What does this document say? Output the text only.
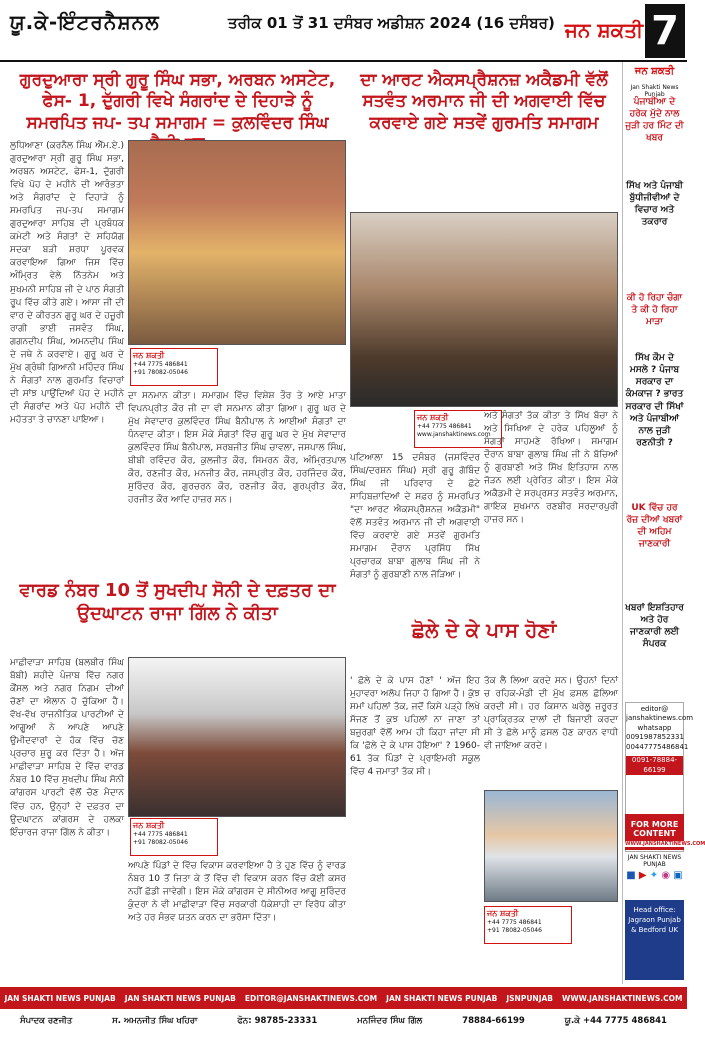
ਯੂ.ਕੇ-ਇੰਟਰਨੈਸ਼ਨਲ	ਤਰੀਕ 01 ਤੋਂ 31 ਦਸੰਬਰ ਅਡੀਸ਼ਨ 2024 (16 ਦਸੰਬਰ) ਜਨ ਸ਼ਕਤੀ 7
ਗੁਰਦੁਆਰਾ ਸ੍ਰੀ ਗੁਰੂ ਸਿੰਘ ਸਭਾ, ਅਰਬਨ ਅਸਟੇਟ, ਫੇਸ- 1, ਦੁੱਗਰੀ ਵਿਖੇ ਸੰਗਰਾਂਦ ਦੇ ਦਿਹਾੜੇ ਨੂੰ ਸਮਰਪਿਤ ਜਪ- ਤਪ ਸਮਾਗਮ = ਕੁਲਵਿੰਦਰ ਸਿੰਘ
ਲੁਧਿਆਣਾ (ਕਰਨੈਲ ਸਿੰਘ ਐੱਮ.ਏ.) ਗੁਰਦੁਆਰਾ ਸ੍ਰੀ ਗੁਰੂ ਸਿੰਘ ਸਭਾ, ਅਰਬਨ ਅਸਟੇਟ, ਫੇਸ-1, ਦੁੱਗਰੀ ਵਿਖੇ ਪੋਹ ਦੇ ਮਹੀਨੇ ਦੀ ਆਰੰਭਤਾ ਅਤੇ ਸੰਗਰਾਂਦ ਦੇ ਦਿਹਾੜੇ ਨੂੰ ਸਮਰਪਿਤ ਜਪ-ਤਪ ਸਮਾਗਮ ਗੁਰਦੁਆਰਾ ਸਾਹਿਬ ਦੀ ਪ੍ਰਬੰਧਕ ਕਮੇਟੀ ਅਤੇ ਸੰਗਤਾਂ ਦੇ ਸਹਿਯੋਗ ਸਦਕਾ ਬੜੀ ਸ਼ਰਧਾ ਪੂਰਵਕ ਕਰਵਾਇਆ ਗਿਆ ਜਿਸ ਵਿੱਚ ਅੰਮ੍ਰਿਤ ਵੇਲੇ ਨਿੱਤਨੇਮ ਅਤੇ ਸੁਖਮਨੀ ਸਾਹਿਬ ਜੀ ਦੇ ਪਾਠ ਸੰਗਤੀ ਰੂਪ ਵਿੱਚ ਕੀਤੇ ਗਏ। ਆਸਾ ਜੀ ਦੀ ਵਾਰ ਦੇ ਕੀਰਤਨ ਗੁਰੂ ਘਰ ਦੇ ਹਜ਼ੂਰੀ ਰਾਗੀ ਭਾਈ ਜਸਵੰਤ ਸਿੰਘ, ਗਗਨਦੀਪ ਸਿੰਘ, ਅਮਨਦੀਪ ਸਿੰਘ ਦੇ ਜਥੇ ਨੇ ਕਰਵਾਏ। ਗੁਰੂ ਘਰ ਦੇ ਮੁੱਖ ਗ੍ਰੰਥੀ ਗਿਆਨੀ ਮਹਿੰਦਰ ਸਿੰਘ ਨੇ ਸੰਗਤਾਂ ਨਾਲ ਗੁਰਮਤਿ ਵਿਚਾਰਾਂ ਦੀ ਸਾਂਝ ਪਾਉਂਦਿਆਂ ਪੋਹ ਦੇ ਮਹੀਨੇ ਦੀ ਸੰਗਰਾਂਦ ਅਤੇ ਪੋਹ ਮਹੀਨੇ ਦੀ ਮਹੱਤਤਾ ਤੇ ਚਾਨਣਾ ਪਾਇਆ।
ਜਨ ਸ਼ਕਤੀ
+44 7775 486841
+91 78082-05046
ਦਾ ਸਨਮਾਨ ਕੀਤਾ। ਸਮਾਗਮ ਵਿੱਚ ਵਿਸ਼ੇਸ਼ ਤੌਰ ਤੇ ਆਏ ਮਾਤਾ ਵਿਪਨਪ੍ਰੀਤ ਕੌਰ ਜੀ ਦਾ ਵੀ ਸਨਮਾਨ ਕੀਤਾ ਗਿਆ। ਗੁਰੂ ਘਰ ਦੇ ਮੁੱਖ ਸੇਵਾਦਾਰ ਕੁਲਵਿੰਦਰ ਸਿੰਘ ਬੈਨੀਪਾਲ ਨੇ ਆਈਆਂ ਸੰਗਤਾਂ ਦਾ ਧੰਨਵਾਦ ਕੀਤਾ। ਇਸ ਮੌਕੇ ਸੰਗਤਾਂ ਵਿੱਚ ਗੁਰੂ ਘਰ ਦੇ ਮੁੱਖ ਸੇਵਾਦਾਰ ਕੁਲਵਿੰਦਰ ਸਿੰਘ ਬੈਨੀਪਾਲ, ਸਰਬਜੀਤ ਸਿੰਘ ਚਾਵਲਾ, ਜਸਪਾਲ ਸਿੰਘ, ਬੀਬੀ ਰਵਿੰਦਰ ਕੌਰ, ਕੁਲਜੀਤ ਕੌਰ, ਸਿਮਰਨ ਕੌਰ, ਅੰਮ੍ਰਿਤਪਾਲ ਕੌਰ, ਰਣਜੀਤ ਕੌਰ, ਮਨਜੀਤ ਕੌਰ, ਜਸਪ੍ਰੀਤ ਕੌਰ, ਹਰਜਿੰਦਰ ਕੌਰ, ਸੁਰਿੰਦਰ ਕੌਰ, ਗੁਰਚਰਨ ਕੌਰ, ਰਣਜੀਤ ਕੌਰ, ਗੁਰਪ੍ਰੀਤ ਕੌਰ, ਹਰਜੀਤ ਕੌਰ ਆਦਿ ਹਾਜ਼ਰ ਸਨ।
ਦਾ ਆਰਟ ਐਕਸਪ੍ਰੈਸ਼ਨਜ਼ ਅਕੈਡਮੀ ਵੱਲੋਂ ਸਤਵੰਤ ਅਰਮਾਨ ਜੀ ਦੀ ਅਗਵਾਈ ਵਿੱਚ ਕਰਵਾਏ ਗਏ ਸਤਵੇਂ ਗੁਰਮਤਿ ਸਮਾਗਮ
ਜਨ ਸ਼ਕਤੀ
+44 7775 486841
www.janshaktinews.com
ਪਟਿਆਲਾ 15 ਦਸੰਬਰ (ਜਸਵਿੰਦਰ ਸਿੰਘ/ਦਰਸ਼ਨ ਸਿੰਘ) ਸ੍ਰੀ ਗੁਰੂ ਗੋਬਿੰਦ ਸਿੰਘ ਜੀ ਪਰਿਵਾਰ ਦੇ ਛੋਟੇ ਸਾਹਿਬਜ਼ਾਦਿਆਂ ਦੇ ਸਫ਼ਰ ਨੂੰ ਸਮਰਪਿਤ "ਦਾ ਆਰਟ ਐਕਸਪ੍ਰੈਸ਼ਨਜ਼ ਅਕੈਡਮੀ" ਵੱਲੋਂ ਸਤਵੰਤ ਅਰਮਾਨ ਜੀ ਦੀ ਅਗਵਾਈ ਵਿੱਚ ਕਰਵਾਏ ਗਏ ਸਤਵੇਂ ਗੁਰਮਤਿ ਸਮਾਗਮ ਦੌਰਾਨ ਪ੍ਰਸਿੱਧ ਸਿੱਖ ਪ੍ਰਚਾਰਕ ਬਾਬਾ ਗੁਲਾਬ ਸਿੰਘ ਜੀ ਨੇ ਸੰਗਤਾਂ ਨੂੰ ਗੁਰਬਾਣੀ ਨਾਲ ਜੋੜਿਆ।
ਅਤੇ ਸੰਗਤਾਂ ਤੱਕ ਕੀਤਾ ਤੇ ਸਿੱਖ ਬੱਚਾ ਨੇ ਅਤੇ ਸਿਖਿਆ ਦੇ ਹਰੇਕ ਪਹਿਲੂਆਂ ਨੂੰ ਸੰਗਤਾਂ ਸਾਹਮਣੇ ਰੱਖਿਆ। ਸਮਾਗਮ ਦੌਰਾਨ ਬਾਬਾ ਗੁਲਾਬ ਸਿੰਘ ਜੀ ਨੇ ਬੱਚਿਆਂ ਨੂੰ ਗੁਰਬਾਣੀ ਅਤੇ ਸਿੱਖ ਇਤਿਹਾਸ ਨਾਲ ਜੋੜਨ ਲਈ ਪ੍ਰੇਰਿਤ ਕੀਤਾ। ਇਸ ਮੌਕੇ ਅਕੈਡਮੀ ਦੇ ਸਰਪ੍ਰਸਤ ਸਤਵੰਤ ਅਰਮਾਨ, ਗਾਇਕ ਸੁਖਮਾਨ ਰਣਬੀਰ ਸਰਦਾਰਪੁਰੀ ਹਾਜ਼ਰ ਸਨ।
ਵਾਰਡ ਨੰਬਰ 10 ਤੋਂ ਸੁਖਦੀਪ ਸੋਨੀ ਦੇ ਦਫ਼ਤਰ ਦਾ ਉਦਘਾਟਨ ਰਾਜਾ ਗਿੱਲ ਨੇ ਕੀਤਾ
ਮਾਛੀਵਾੜਾ ਸਾਹਿਬ (ਬਲਬੀਰ ਸਿੰਘ ਬੱਬੀ) ਸ਼ਹੀਦੇ ਪੰਜਾਬ ਵਿੱਚ ਨਗਰ ਕੌਂਸਲ ਅਤੇ ਨਗਰ ਨਿਗਮ ਦੀਆਂ ਚੋਣਾਂ ਦਾ ਐਲਾਨ ਹੋ ਚੁੱਕਿਆ ਹੈ। ਵੱਖ-ਵੱਖ ਰਾਜਨੀਤਿਕ ਪਾਰਟੀਆਂ ਦੇ ਆਗੂਆਂ ਨੇ ਆਪਣੇ ਆਪਣੇ ਉਮੀਦਵਾਰਾਂ ਦੇ ਹੱਕ ਵਿੱਚ ਚੋਣ ਪ੍ਰਚਾਰ ਸ਼ੁਰੂ ਕਰ ਦਿੱਤਾ ਹੈ। ਅੱਜ ਮਾਛੀਵਾੜਾ ਸਾਹਿਬ ਦੇ ਵਿੱਚ ਵਾਰਡ ਨੰਬਰ 10 ਵਿੱਚ ਸੁਖਦੀਪ ਸਿੰਘ ਸੋਨੀ ਕਾਂਗਰਸ ਪਾਰਟੀ ਵੱਲੋਂ ਚੋਣ ਮੈਦਾਨ ਵਿੱਚ ਹਨ, ਉਨ੍ਹਾਂ ਦੇ ਦਫ਼ਤਰ ਦਾ ਉਦਘਾਟਨ ਕਾਂਗਰਸ ਦੇ ਹਲਕਾ ਇੰਚਾਰਜ ਰਾਜਾ ਗਿੱਲ ਨੇ ਕੀਤਾ।
ਜਨ ਸ਼ਕਤੀ
+44 7775 486841
+91 78082-05046
ਆਪਣੇ ਪਿੰਡਾਂ ਦੇ ਵਿੱਚ ਵਿਕਾਸ ਕਰਵਾਇਆ ਹੈ ਤੇ ਹੁਣ ਵਿੱਚ ਨੂੰ ਵਾਰਡ ਨੰਬਰ 10 ਤੋਂ ਜਿਤਾ ਕੇ ਤੋਂ ਵਿੱਚ ਵੀ ਵਿਕਾਸ ਕਰਨ ਵਿੱਚ ਕੋਈ ਕਸਰ ਨਹੀਂ ਛੱਡੀ ਜਾਵੇਗੀ। ਇਸ ਮੌਕੇ ਕਾਂਗਰਸ ਦੇ ਸੀਨੀਅਰ ਆਗੂ ਸੁਰਿੰਦਰ ਕੁੰਦਰਾ ਨੇ ਵੀ ਮਾਛੀਵਾੜਾ ਵਿੱਚ ਸਰਕਾਰੀ ਧੱਕੇਸ਼ਾਹੀ ਦਾ ਵਿਰੋਧ ਕੀਤਾ ਅਤੇ ਹਰ ਸੰਭਵ ਯਤਨ ਕਰਨ ਦਾ ਭਰੋਸਾ ਦਿੱਤਾ।
ਛੋਲੇ ਦੇ ਕੇ ਪਾਸ ਹੋਣਾਂ
' ਛੋਲੇ ਦੇ ਕੇ ਪਾਸ ਹੋਣਾਂ ' ਅੱਜ ਇਹ ਮੁਹਾਵਰਾ ਅਲੋਪ ਜਿਹਾ ਹੋ ਗਿਆ ਹੈ। ਕੁੱਝ ਸਮਾਂ ਪਹਿਲਾਂ ਤੱਕ, ਜਦੋਂ ਕਿਸੇ ਪੜ੍ਹੇ ਲਿਖੇ ਸੱਜਣ ਤੋਂ ਕੁਝ ਪਹਿਲਾਂ ਨਾ ਜਾਣਾ ਤਾਂ ਬਜ਼ੁਰਗਾਂ ਵੱਲੋਂ ਆਮ ਹੀ ਕਿਹਾ ਜਾਂਦਾ ਸੀ ਕਿ 'ਛੋਲੇ ਦੇ ਕੇ ਪਾਸ ਹੋਇਆ' ? 1960-61 ਤੱਕ ਪਿੰਡਾਂ ਦੇ ਪ੍ਰਾਇਮਰੀ ਸਕੂਲ ਵਿੱਚ 4 ਜਮਾਤਾਂ ਤੱਕ ਸੀ।
ਤੱਕ ਲੈ ਲਿਆ ਕਰਦੇ ਸਨ। ਉਹਨਾਂ ਦਿਨਾਂ ਚ ਰਹਿਕ-ਮੰਡੀ ਦੀ ਮੁੱਖ ਫ਼ਸਲ ਛੋਲਿਆ ਕਰਦੀ ਸੀ। ਹਰ ਕਿਸਾਨ ਘਰੇਲੂ ਜ਼ਰੂਰਤ ਪ੍ਰਾਕ੍ਰਿਤਕ ਦਾਲਾਂ ਦੀ ਬਿਜਾਈ ਕਰਦਾ ਸੀ ਤੇ ਛੋਲੇ ਮਾਨੂੰ ਫ਼ਸਲ ਹੋਣ ਕਾਰਨ ਵਾਧੀ ਵੀ ਜਾਇਆ ਕਰਦੇ।
ਜਨ ਸ਼ਕਤੀ
+44 7775 486841
+91 78082-05046
ਜਨ ਸ਼ਕਤੀ
Jan Shakti News Punjab
ਪੰਜਾਬੀਆ ਦੇ ਹਰੇਕ ਮੁੱਦੇ ਨਾਲ ਜੁੜੀ ਹਰ ਮਿੰਟ ਦੀ ਖਬਰ
ਸਿੱਖ ਅਤੇ ਪੰਜਾਬੀ ਬੁੱਧੀਜੀਵੀਆਂ ਦੇ ਵਿਚਾਰ ਅਤੇ ਤਕਰਾਰ
ਕੀ ਹੋ ਰਿਹਾ ਚੰਗਾ ਤੇ ਕੀ ਹੋ ਰਿਹਾ ਮਾੜਾ
ਸਿੱਖ ਕੌਮ ਦੇ ਮਸਲੇ ? ਪੰਜਾਬ ਸਰਕਾਰ ਦਾ ਕੰਮਕਾਜ ? ਭਾਰਤ ਸਰਕਾਰ ਦੀ ਸਿੱਖਾਂ ਅਤੇ ਪੰਜਾਬੀਆਂ ਨਾਲ ਜੁੜੀ ਰਣਨੀਤੀ ?
UK ਵਿੱਚ ਹਰ ਰੋਜ਼ ਦੀਆਂ ਖਬਰਾਂ ਦੀ ਅਹਿਮ ਜਾਣਕਾਰੀ
ਖਬਰਾਂ ਇਸ਼ਤਿਹਾਰ ਅਤੇ ਹੋਰ ਜਾਣਕਾਰੀ ਲਈ ਸੰਪਰਕ
editor@
janshaktinews.com
whatsapp
0091987852331
00447775486841
0091-78884-66199
FOR MORE CONTENT
WWW.JANSHAKTINEWS.COM
JAN SHAKTI NEWS PUNJAB
■ ▶ ✦ ◉ ▣
Head office:
Jagraon Punjab & Bedford UK
JAN SHAKTI NEWS PUNJAB JAN SHAKTI NEWS PUNJAB EDITOR@JANSHAKTINEWS.COM JAN SHAKTI NEWS PUNJAB JSNPUNJAB WWW.JANSHAKTINEWS.COM
ਸੰਪਾਦਕ ਰਣਜੀਤ	ਸ. ਅਮਨਜੀਤ ਸਿੰਘ ਖਹਿਰਾ	ਫੋਨ: 98785-23331	ਮਨਜਿੰਦਰ ਸਿੰਘ ਗਿੱਲ	78884-66199	ਯੂ.ਕੇ +44 7775 486841
